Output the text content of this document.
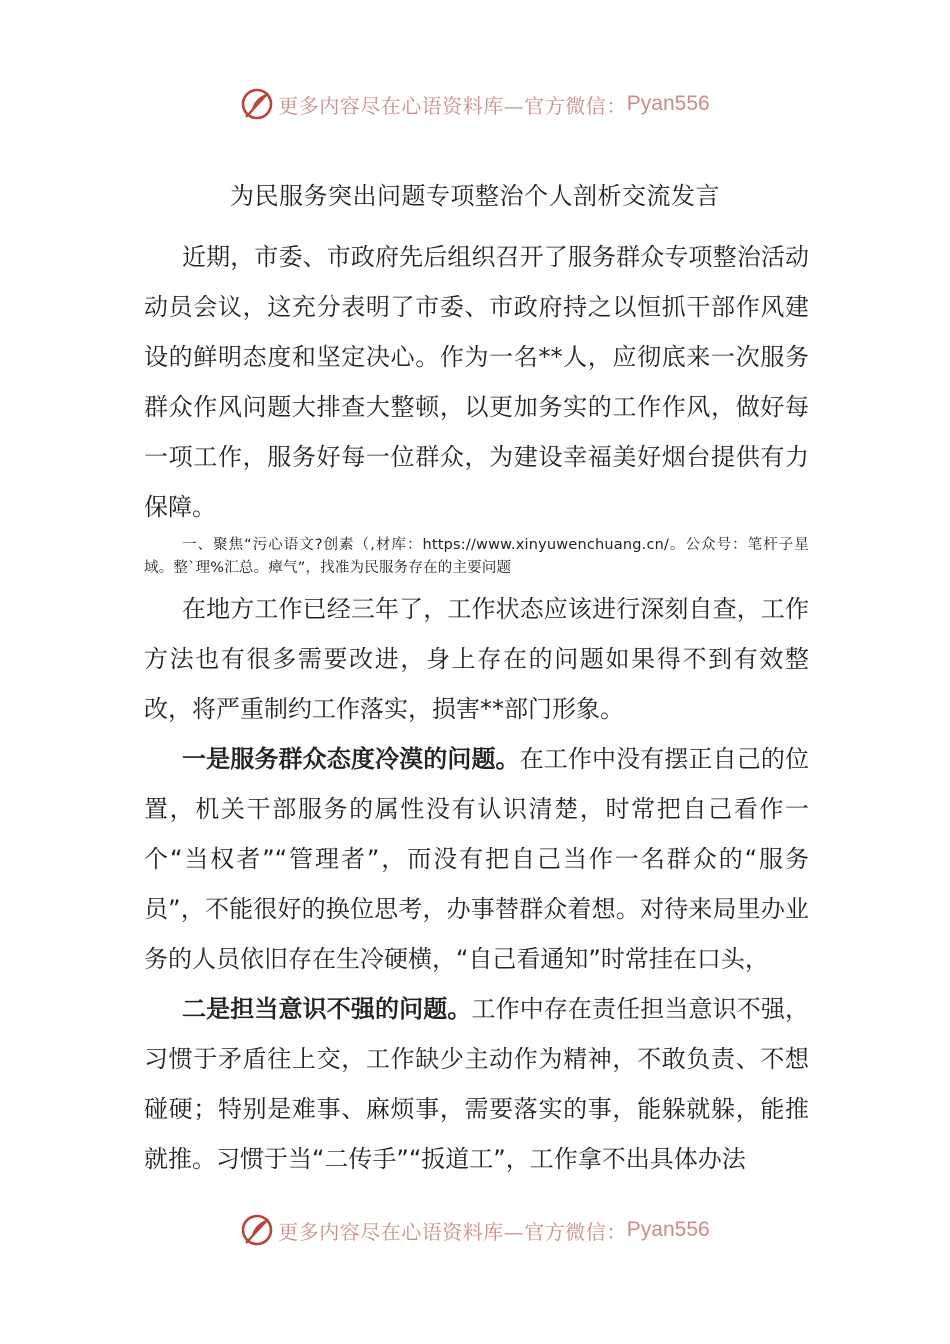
更多内容尽在心语资料库—官方微信： Pyan556
为民服务突出问题专项整治个人剖析交流发言

近期，市委、市政府先后组织召开了服务群众专项整治活动动员会议，这充分表明了市委、市政府持之以恒抓干部作风建设的鲜明态度和坚定决心。作为一名**人，应彻底来一次服务群众作风问题大排查大整顿，以更加务实的工作作风，做好每一项工作，服务好每一位群众，为建设幸福美好烟台提供有力保障。

一、聚焦“污心语文?创素（,材库：https://www.xinyuwenchuang.cn/。公众号：笔杆子星域。整`理%汇总。瘴气”，找准为民服务存在的主要问题

在地方工作已经三年了，工作状态应该进行深刻自查，工作方法也有很多需要改进，身上存在的问题如果得不到有效整改，将严重制约工作落实，损害**部门形象。

一是服务群众态度冷漠的问题。在工作中没有摆正自己的位置，机关干部服务的属性没有认识清楚，时常把自己看作一个“当权者”“管理者”，而没有把自己当作一名群众的“服务员”，不能很好的换位思考，办事替群众着想。对待来局里办业务的人员依旧存在生冷硬横，“自己看通知”时常挂在口头，

二是担当意识不强的问题。工作中存在责任担当意识不强，习惯于矛盾往上交，工作缺少主动作为精神，不敢负责、不想碰硬；特别是难事、麻烦事，需要落实的事，能躲就躲，能推就推。习惯于当“二传手”“扳道工”，工作拿不出具体办法

更多内容尽在心语资料库—官方微信： Pyan556
